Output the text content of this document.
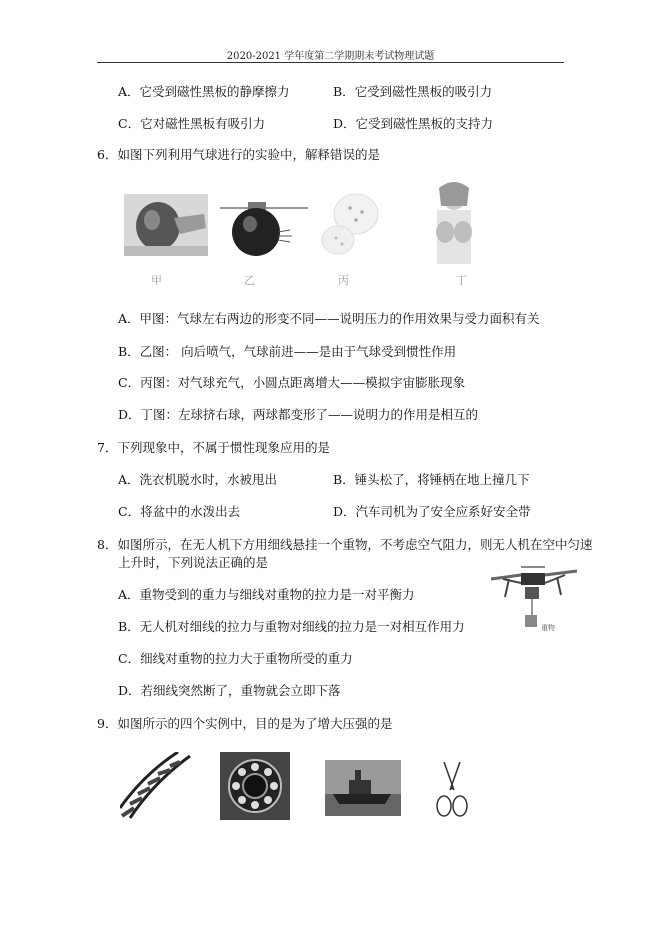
2020-2021 学年度第二学期期末考试物理试题
A．它受到磁性黑板的静摩擦力	B．它受到磁性黑板的吸引力
C．它对磁性黑板有吸引力	D．它受到磁性黑板的支持力
6．如图下列利用气球进行的实验中，解释错误的是
甲	乙	丙	丁
A．甲图：气球左右两边的形变不同——说明压力的作用效果与受力面积有关
B．乙图： 向后喷气，气球前进——是由于气球受到惯性作用
C．丙图：对气球充气，小圆点距离增大——模拟宇宙膨胀现象
D．丁图：左球挤右球，两球都变形了——说明力的作用是相互的
7．下列现象中，不属于惯性现象应用的是
A．洗衣机脱水时，水被甩出	B．锤头松了，将锤柄在地上撞几下
C．将盆中的水泼出去	D．汽车司机为了安全应系好安全带
8．如图所示，在无人机下方用细线悬挂一个重物，不考虑空气阻力，则无人机在空中匀速
上升时，下列说法正确的是
重物
A．重物受到的重力与细线对重物的拉力是一对平衡力
B．无人机对细线的拉力与重物对细线的拉力是一对相互作用力
C．细线对重物的拉力大于重物所受的重力
D．若细线突然断了，重物就会立即下落
9．如图所示的四个实例中，目的是为了增大压强的是
